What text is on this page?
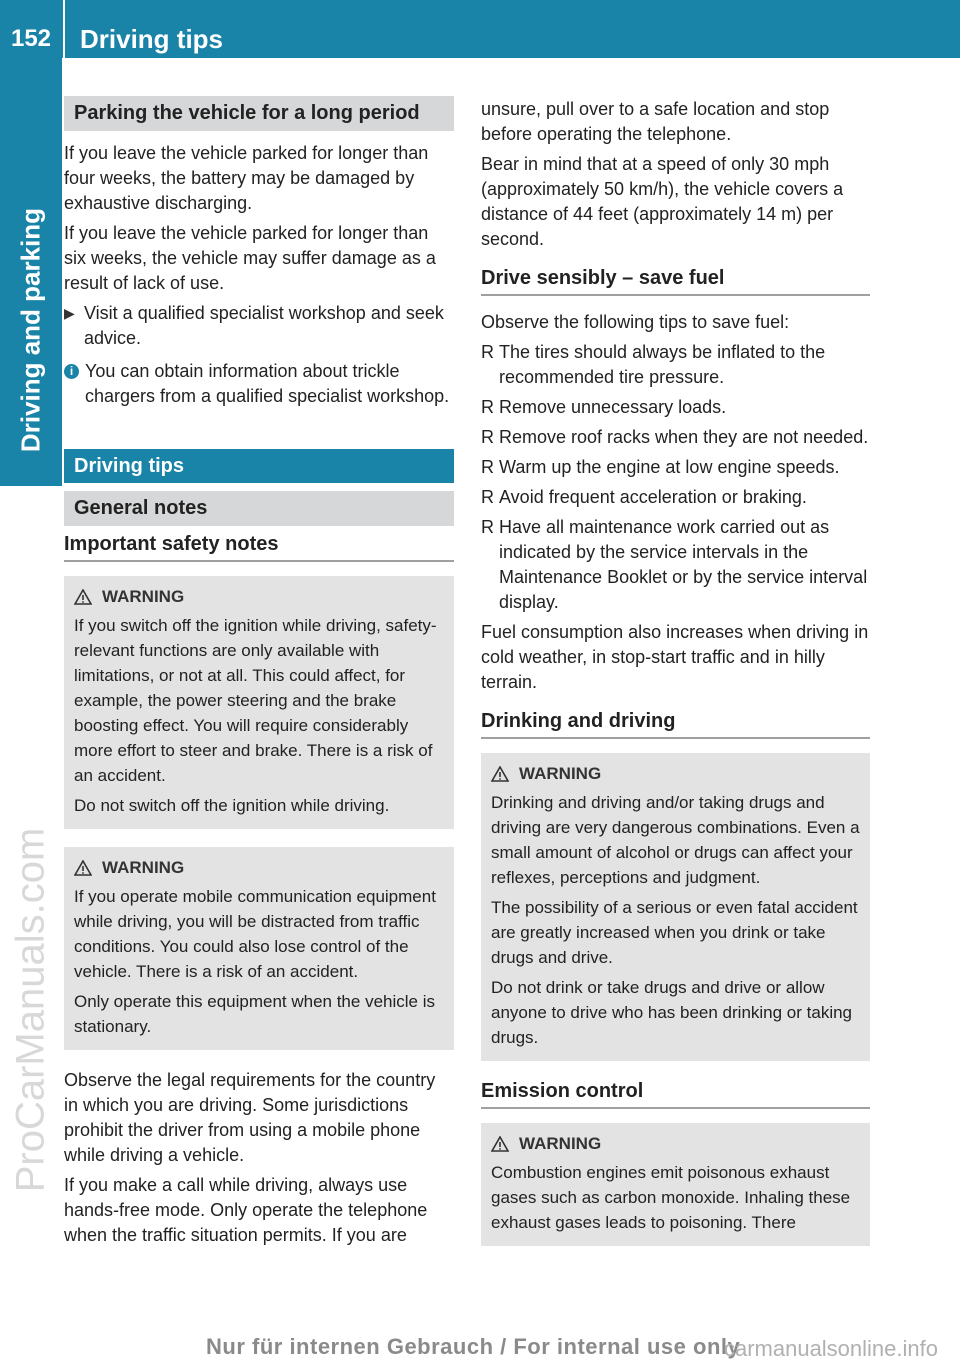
152	Driving tips
Driving and parking
ProCarManuals.com
Parking the vehicle for a long period

If you leave the vehicle parked for longer than four weeks, the battery may be damaged by exhaustive discharging.

If you leave the vehicle parked for longer than six weeks, the vehicle may suffer damage as a result of lack of use.

▶ Visit a qualified specialist workshop and seek advice.
i You can obtain information about trickle chargers from a qualified specialist workshop.
Driving tips
General notes
Important safety notes
WARNING

If you switch off the ignition while driving, safety-relevant functions are only available with limitations, or not at all. This could affect, for example, the power steering and the brake boosting effect. You will require considerably more effort to steer and brake. There is a risk of an accident.

Do not switch off the ignition while driving.

WARNING

If you operate mobile communication equipment while driving, you will be distracted from traffic conditions. You could also lose control of the vehicle. There is a risk of an accident.

Only operate this equipment when the vehicle is stationary.

Observe the legal requirements for the country in which you are driving. Some jurisdictions prohibit the driver from using a mobile phone while driving a vehicle.

If you make a call while driving, always use hands-free mode. Only operate the telephone when the traffic situation permits. If you are

unsure, pull over to a safe location and stop before operating the telephone.

Bear in mind that at a speed of only 30 mph (approximately 50 km/h), the vehicle covers a distance of 44 feet (approximately 14 m) per second.

Drive sensibly – save fuel

Observe the following tips to save fuel:

R The tires should always be inflated to the recommended tire pressure.
R Remove unnecessary loads.
R Remove roof racks when they are not needed.
R Warm up the engine at low engine speeds.
R Avoid frequent acceleration or braking.
R Have all maintenance work carried out as indicated by the service intervals in the Maintenance Booklet or by the service interval display.

Fuel consumption also increases when driving in cold weather, in stop-start traffic and in hilly terrain.

Drinking and driving
WARNING

Drinking and driving and/or taking drugs and driving are very dangerous combinations. Even a small amount of alcohol or drugs can affect your reflexes, perceptions and judgment.

The possibility of a serious or even fatal accident are greatly increased when you drink or take drugs and drive.

Do not drink or take drugs and drive or allow anyone to drive who has been drinking or taking drugs.

Emission control
WARNING

Combustion engines emit poisonous exhaust gases such as carbon monoxide. Inhaling these exhaust gases leads to poisoning. There

Nur für internen Gebrauch / For internal use only
carmanualsonline.info
